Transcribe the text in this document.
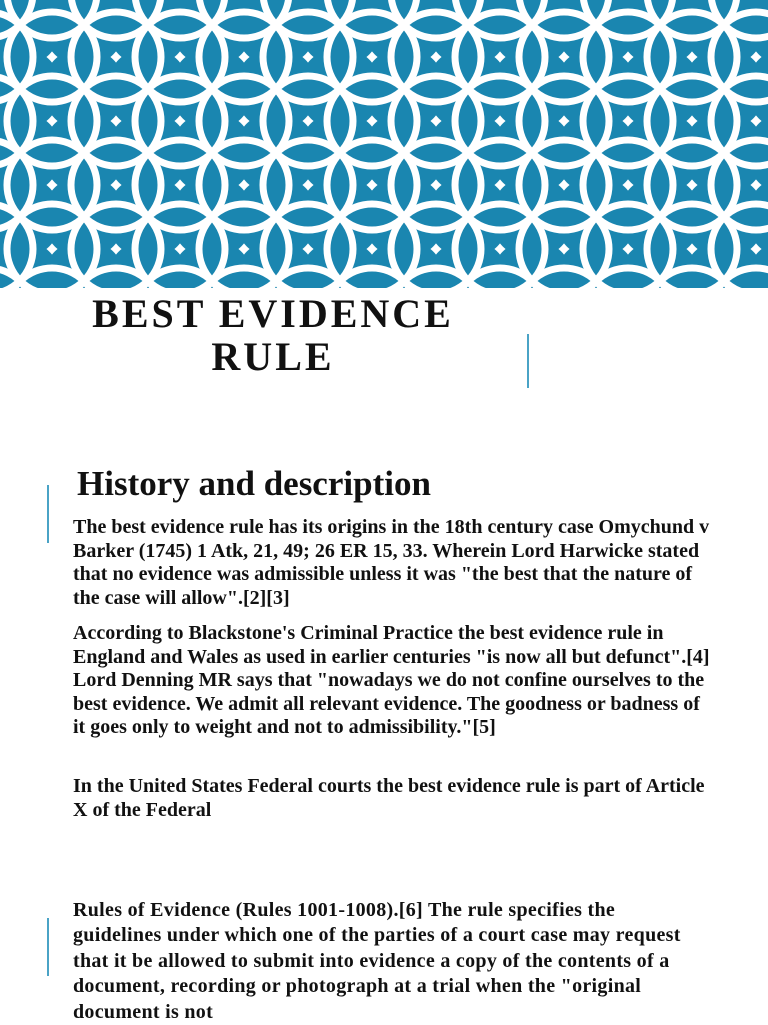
BEST EVIDENCE
RULE
History and description

The best evidence rule has its origins in the 18th century case Omychund v Barker (1745) 1 Atk, 21, 49; 26 ER 15, 33. Wherein Lord Harwicke stated that no evidence was admissible unless it was "the best that the nature of the case will allow".[2][3]

According to Blackstone's Criminal Practice the best evidence rule in England and Wales as used in earlier centuries "is now all but defunct".[4] Lord Denning MR says that "nowadays we do not confine ourselves to the best evidence. We admit all relevant evidence. The goodness or badness of it goes only to weight and not to admissibility."[5]

In the United States Federal courts the best evidence rule is part of Article X of the Federal

Rules of Evidence (Rules 1001-1008).[6] The rule specifies the guidelines under which one of the parties of a court case may request that it be allowed to submit into evidence a copy of the contents of a document, recording or photograph at a trial when the "original document is not
